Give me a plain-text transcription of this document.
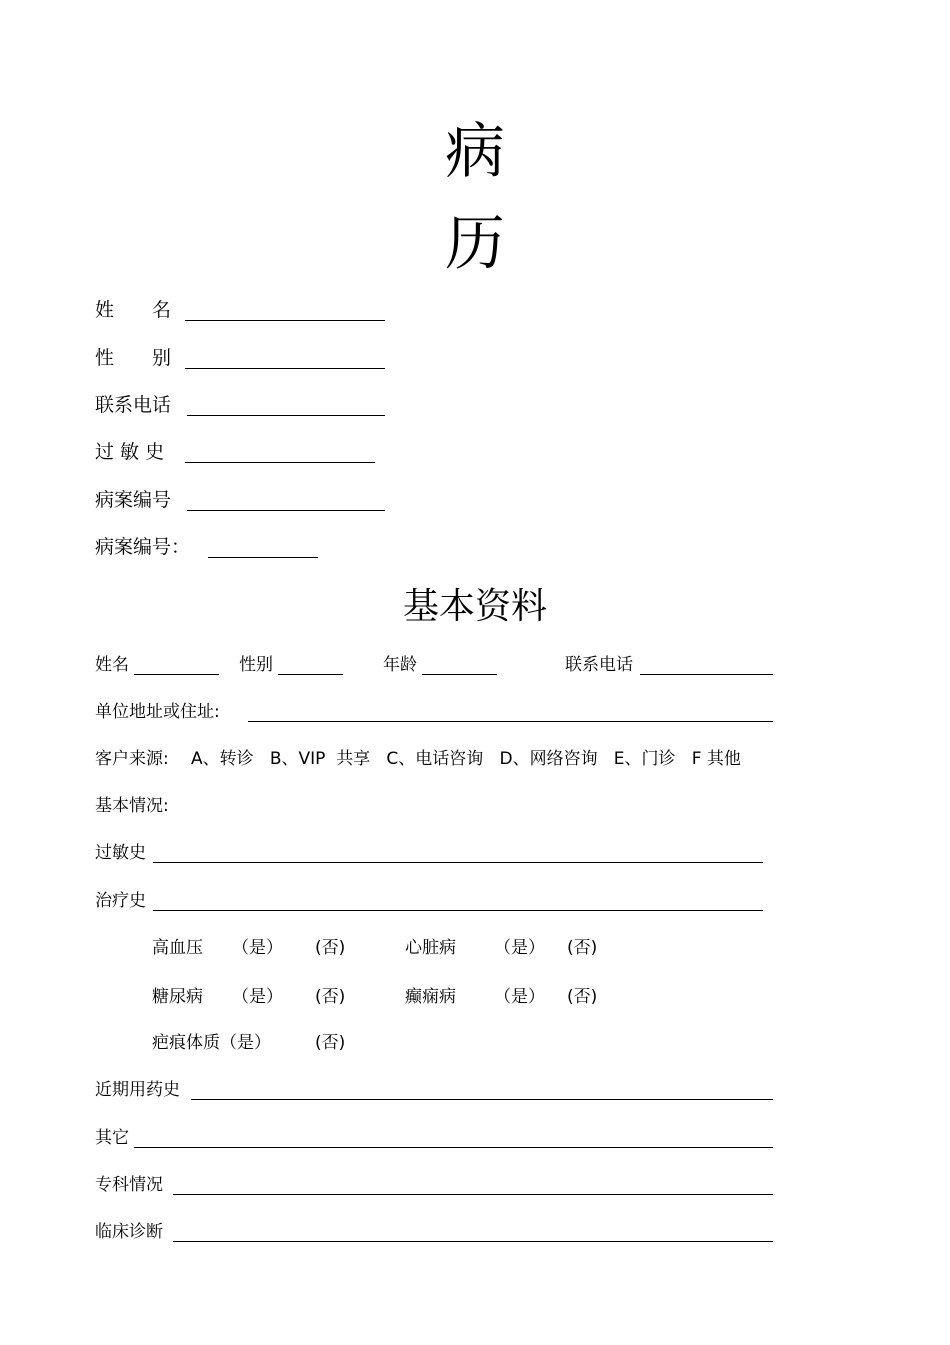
病
历
姓　　名
性　　别
联系电话
过 敏 史
病案编号
病案编号：
基本资料
姓名	性别	年龄	联系电话
单位地址或住址:
客户来源: A、转诊   B、VIP  共享   C、电话咨询   D、网络咨询   E、门诊   F 其他
基本情况:
过敏史
治疗史
高血压 （是） (否)	心脏病 （是） (否)
糖尿病 （是） (否)	癫痫病 （是） (否)
疤痕体质（是）	(否)
近期用药史
其它
专科情况
临床诊断
